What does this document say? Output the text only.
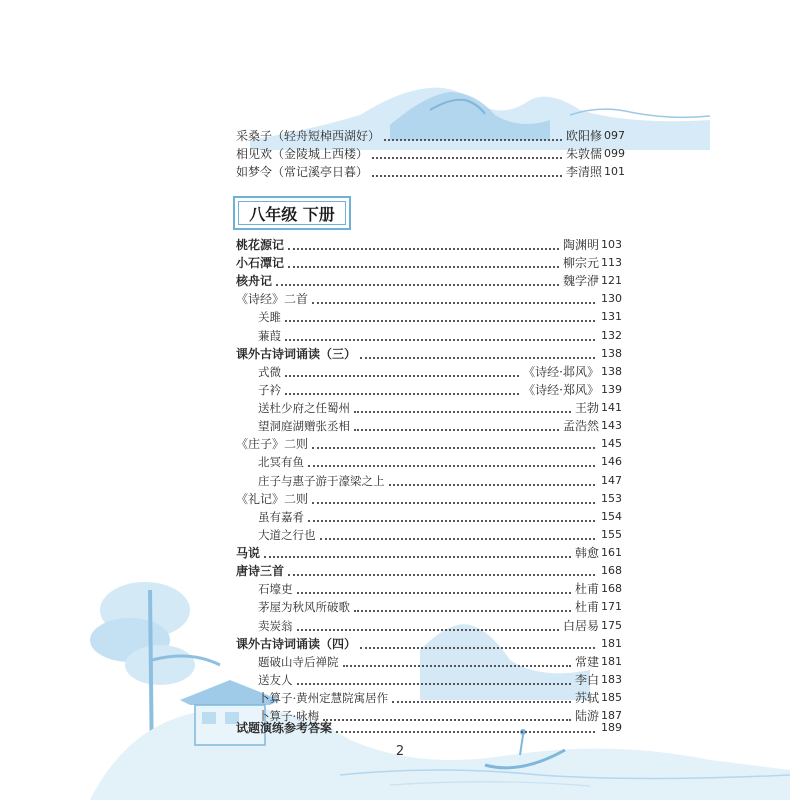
采桑子（轻舟短棹西湖好）	欧阳修 097
相见欢（金陵城上西楼）	朱敦儒 099
如梦令（常记溪亭日暮）	李清照 101
八年级 下册
桃花源记	陶渊明 103
小石潭记	柳宗元 113
核舟记	魏学洢 121
《诗经》二首	130
关雎	131
蒹葭	132
课外古诗词诵读（三）	138
式微	《诗经·邶风》 138
子衿	《诗经·郑风》 139
送杜少府之任蜀州	王勃 141
望洞庭湖赠张丞相	孟浩然 143
《庄子》二则	145
北冥有鱼	146
庄子与惠子游于濠梁之上	147
《礼记》二则	153
虽有嘉肴	154
大道之行也	155
马说	韩愈 161
唐诗三首	168
石壕吏	杜甫 168
茅屋为秋风所破歌	杜甫 171
卖炭翁	白居易 175
课外古诗词诵读（四）	181
题破山寺后禅院	常建 181
送友人	李白 183
卜算子·黄州定慧院寓居作	苏轼 185
卜算子·咏梅	陆游 187
试题演练参考答案	189
2
